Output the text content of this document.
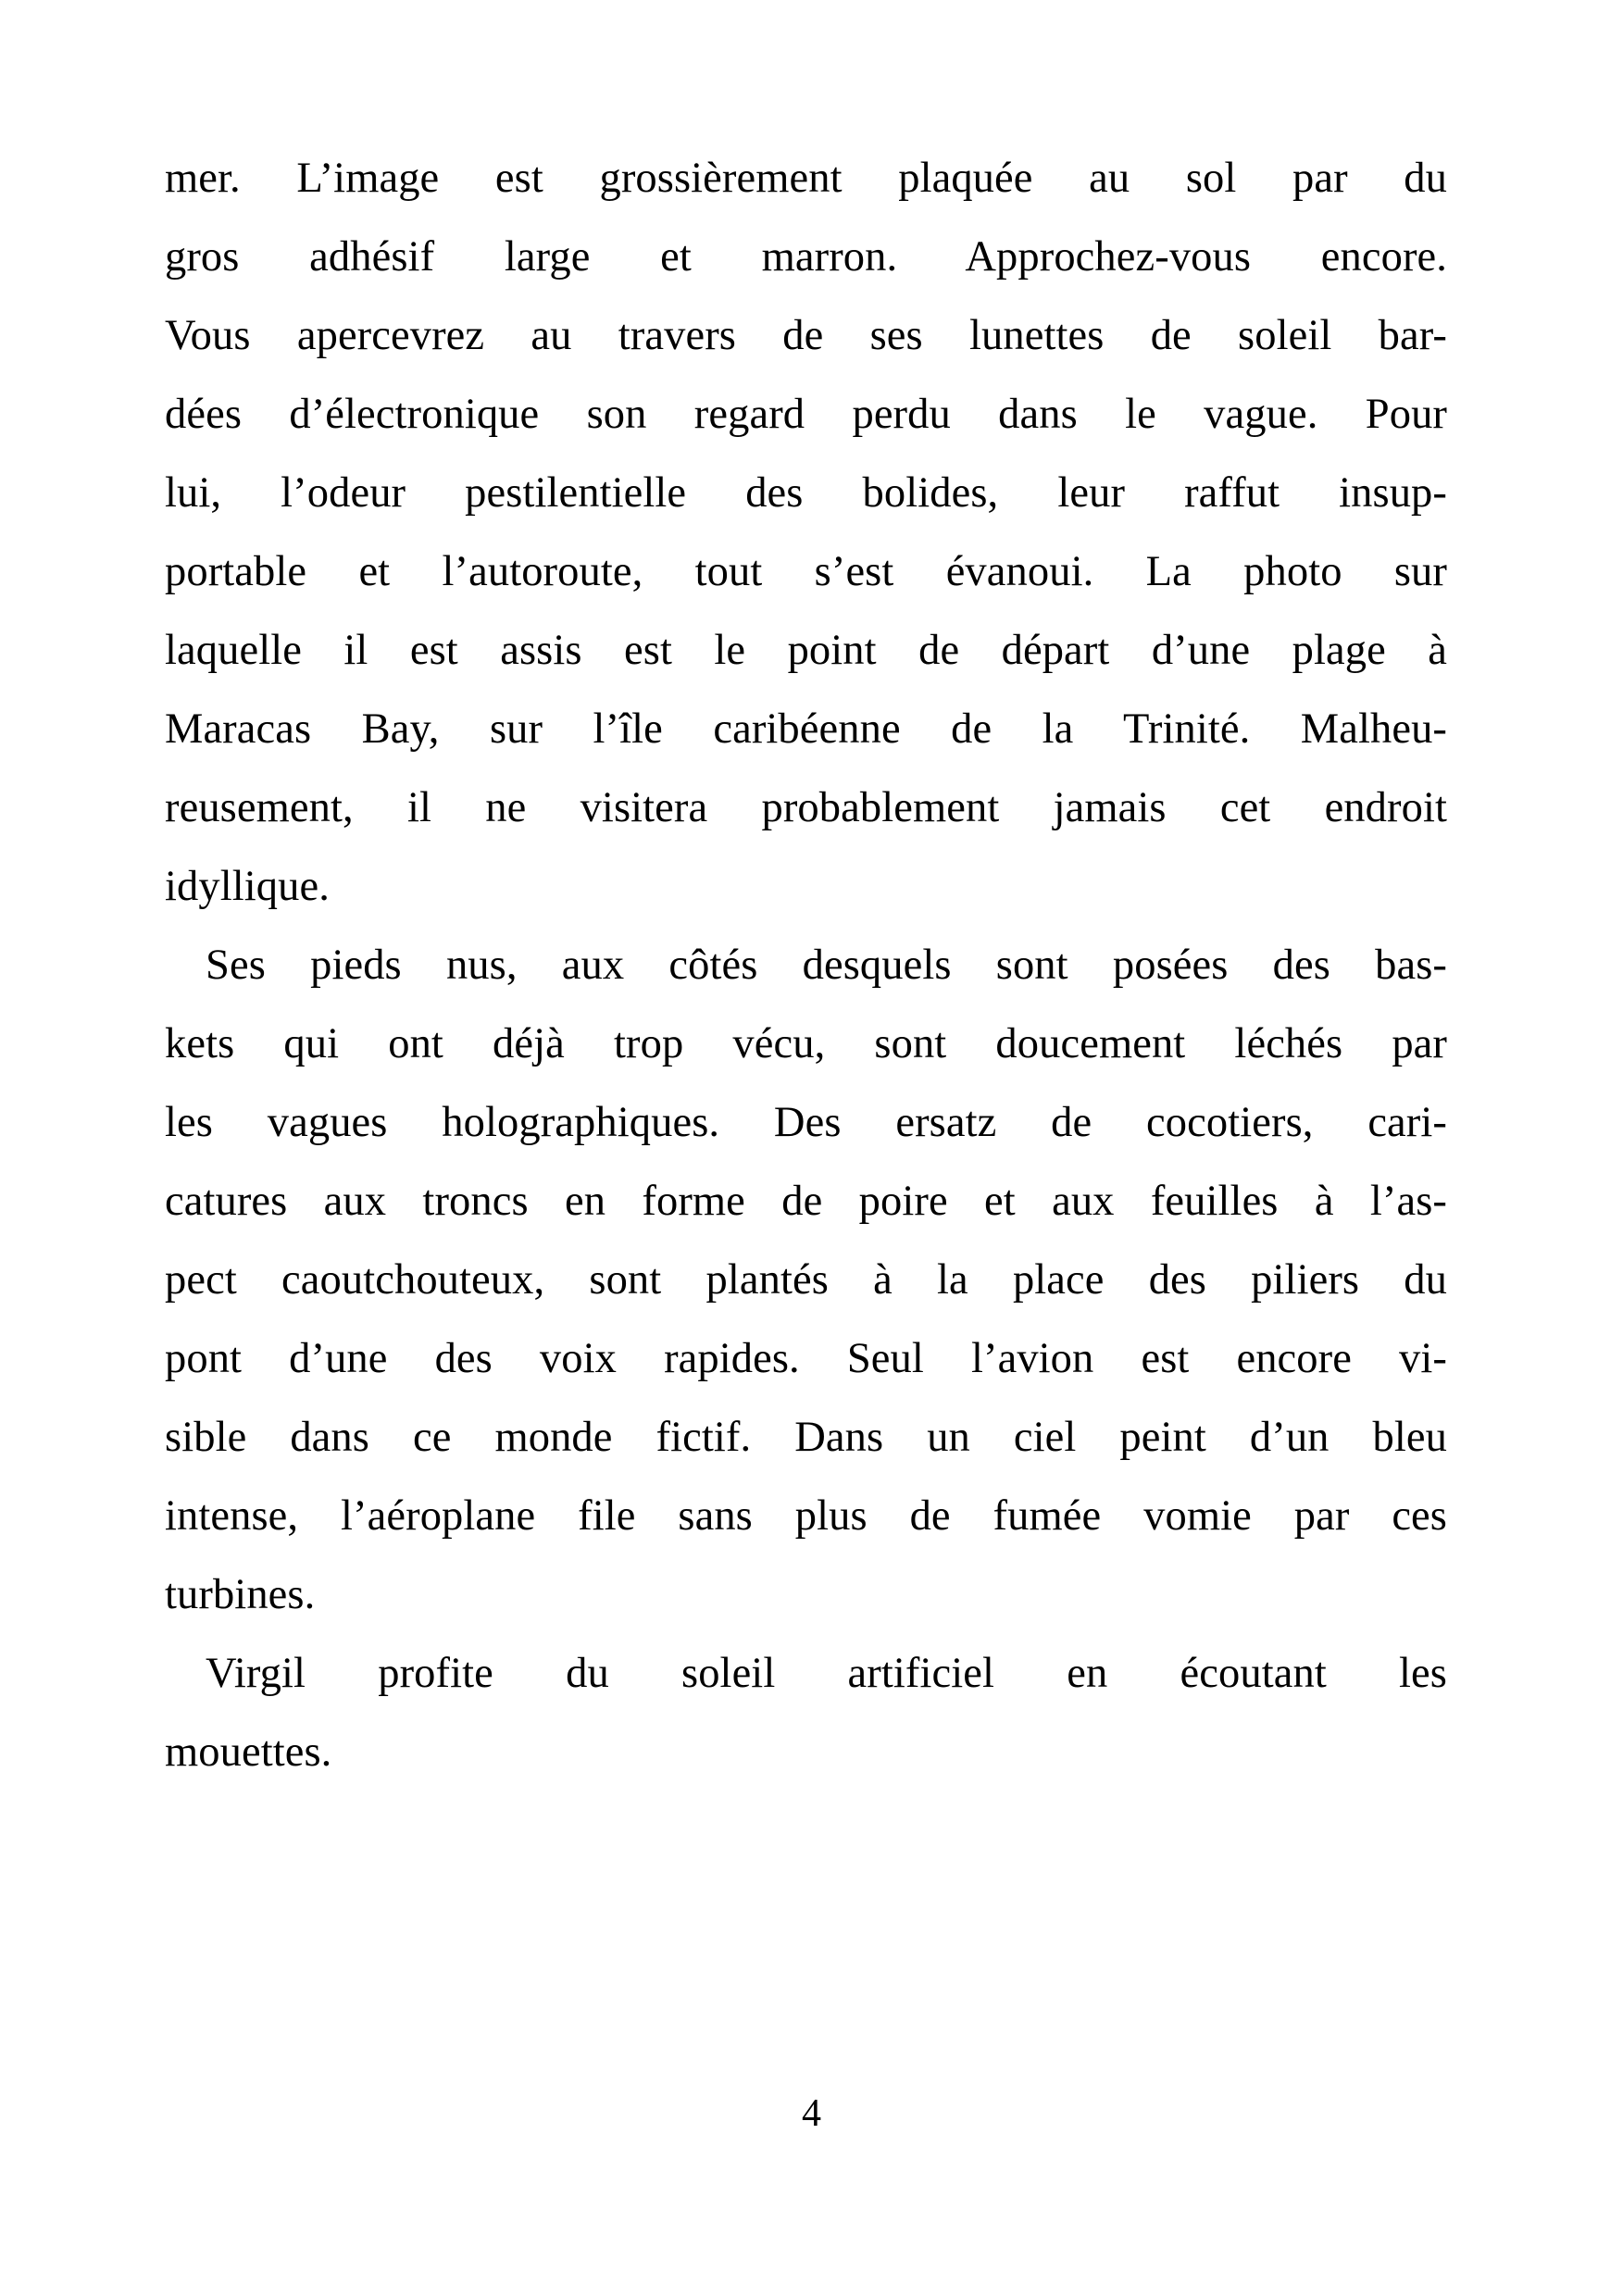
mer. L’image est grossièrement plaquée au sol par du
gros adhésif large et marron. Approchez-vous encore.
Vous apercevrez au travers de ses lunettes de soleil bar-
dées d’électronique son regard perdu dans le vague. Pour
lui, l’odeur pestilentielle des bolides, leur raffut insup-
portable et l’autoroute, tout s’est évanoui. La photo sur
laquelle il est assis est le point de départ d’une plage à
Maracas Bay, sur l’île caribéenne de la Trinité. Malheu-
reusement, il ne visitera probablement jamais cet endroit
idyllique.

Ses pieds nus, aux côtés desquels sont posées des bas-
kets qui ont déjà trop vécu, sont doucement léchés par
les vagues holographiques. Des ersatz de cocotiers, cari-
catures aux troncs en forme de poire et aux feuilles à l’as-
pect caoutchouteux, sont plantés à la place des piliers du
pont d’une des voix rapides. Seul l’avion est encore vi-
sible dans ce monde fictif. Dans un ciel peint d’un bleu
intense, l’aéroplane file sans plus de fumée vomie par ces
turbines.

Virgil profite du soleil artificiel en écoutant les
mouettes.

4
